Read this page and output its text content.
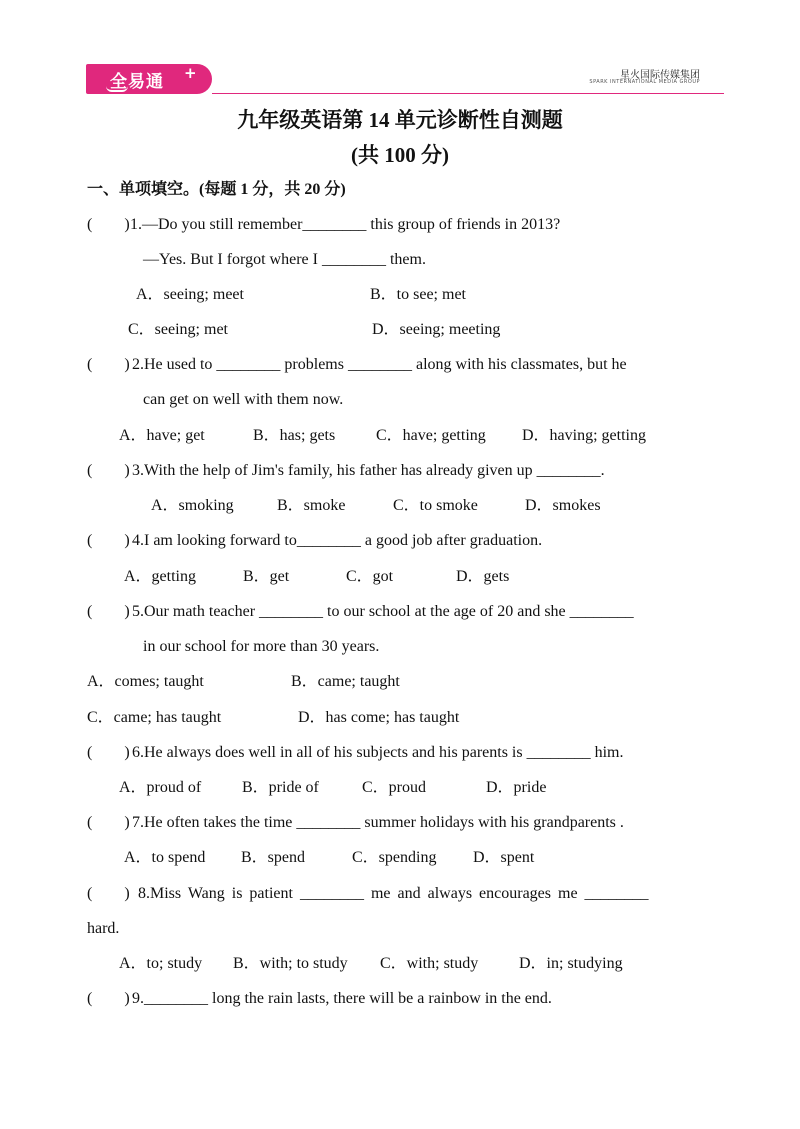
全易通 +	星火国际传媒集团
SPARK INTERNATIONAL MEDIA GROUP
九年级英语第 14 单元诊断性自测题
(共 100 分)
一、单项填空。(每题 1 分，共 20 分)
(        ) 1.—Do you still remember________ this group of friends in 2013?
—Yes. But I forgot where I ________ them.
A．seeing; meet	B．to see; met
C．seeing; met	D．seeing; meeting
(        ) 2.He used to ________ problems ________ along with his classmates, but he
can get on well with them now.
A．have; get	B．has; gets	C．have; getting D．having; getting
(        ) 3.With the help of Jim's family, his father has already given up ________.
A．smoking	B．smoke	C．to smoke	D．smokes
(        ) 4.I am looking forward to________ a good job after graduation.
A．getting	B．get	C．got	D．gets
(        ) 5.Our math teacher ________ to our school at the age of 20 and she ________
in our school for more than 30 years.
A．comes; taught	B．came; taught
C．came; has taught	D．has come; has taught
(        ) 6.He always does well in all of his subjects and his parents is ________ him.
A．proud of	B．pride of	C．proud	D．pride
(        ) 7.He often takes the time ________ summer holidays with his grandparents .
A．to spend B．spend	C．spending D．spent
(        ) 8.Miss Wang is patient ________ me and always encourages me ________
hard.
A．to; study B．with; to study C．with; study	D．in; studying
(        ) 9.________ long the rain lasts, there will be a rainbow in the end.
